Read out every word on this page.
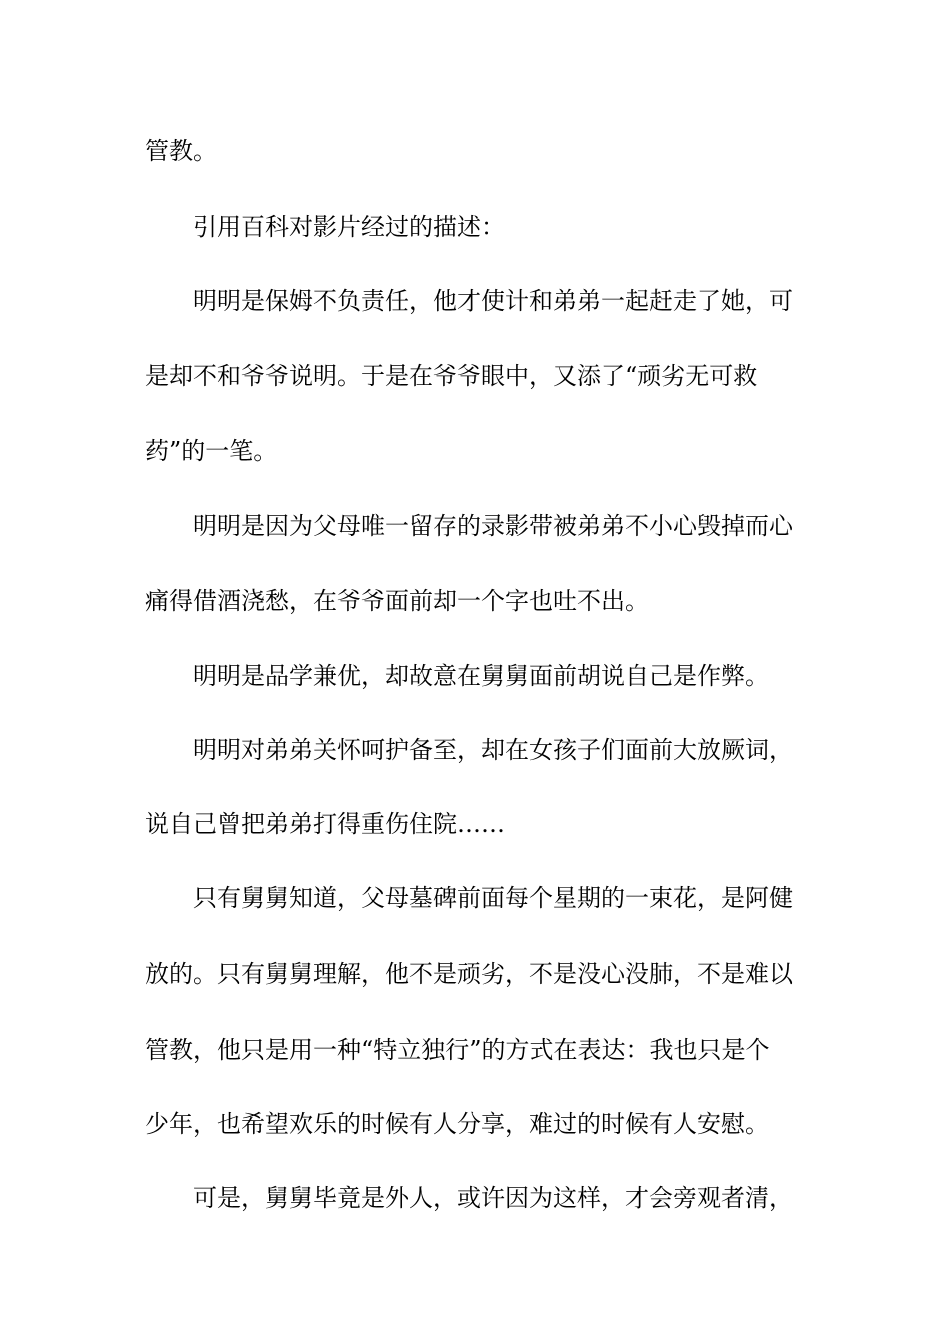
管教。
引用百科对影片经过的描述：
明明是保姆不负责任，他才使计和弟弟一起赶走了她，可
是却不和爷爷说明。于是在爷爷眼中，又添了“顽劣无可救
药”的一笔。
明明是因为父母唯一留存的录影带被弟弟不小心毁掉而心
痛得借酒浇愁，在爷爷面前却一个字也吐不出。
明明是品学兼优，却故意在舅舅面前胡说自己是作弊。
明明对弟弟关怀呵护备至，却在女孩子们面前大放厥词，
说自己曾把弟弟打得重伤住院……
只有舅舅知道，父母墓碑前面每个星期的一束花，是阿健
放的。只有舅舅理解，他不是顽劣，不是没心没肺，不是难以
管教，他只是用一种“特立独行”的方式在表达：我也只是个
少年，也希望欢乐的时候有人分享，难过的时候有人安慰。
可是，舅舅毕竟是外人，或许因为这样，才会旁观者清，
